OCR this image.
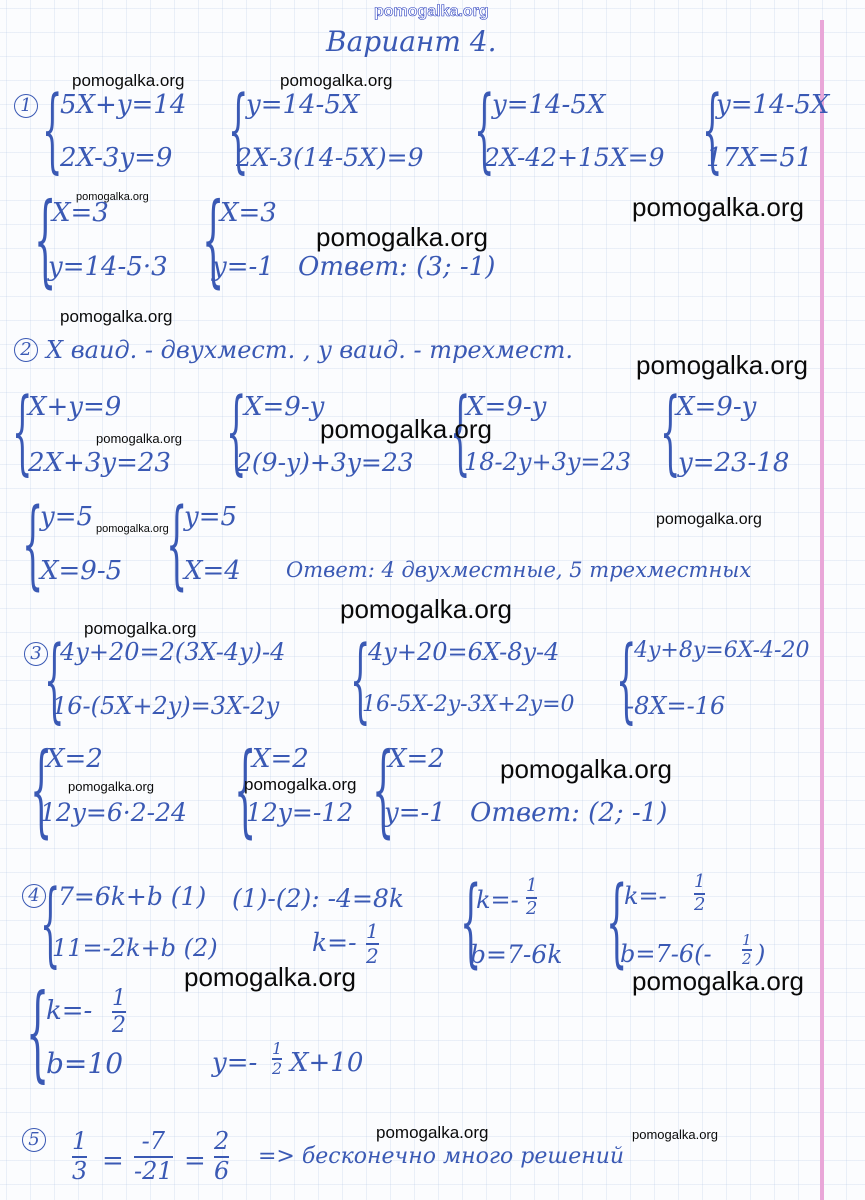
pomogalka.org
Вариант 4.
1 {
5X+y=14
2X-3y=9 {
y=14-5X
2X-3(14-5X)=9 {
y=14-5X
2X-42+15X=9 {
y=14-5X
17X=51
{
X=3
y=14-5·3 {
X=3
y=-1 Ответ: (3; -1)
2 X ваид. - двухмест. , y ваид. - трехмест.
{
X+y=9
2X+3y=23 {
X=9-y
2(9-y)+3y=23 {
X=9-y
18-2y+3y=23 {
X=9-y
y=23-18
{
y=5
X=9-5 {
y=5
X=4 Ответ: 4 двухместные, 5 трехместных
3 {
4y+20=2(3X-4y)-4
16-(5X+2y)=3X-2y {
4y+20=6X-8y-4
16-5X-2y-3X+2y=0 {
4y+8y=6X-4-20
-8X=-16
{
X=2
12y=6·2-24 {
X=2
12y=-12 {
X=2
y=-1 Ответ: (2; -1)
4 {
7=6k+b (1)
11=-2k+b (2)
(1)-(2): -4=8k
k=- 1
2 {
k=-
1
2
b=7-6k {
k=-
1
2
b=7-6(- 1
2 )
{
k=- 1
2
b=10	y=- 1
2 X+10
5 1
3 =
-7
-21 =
2
6
=> бесконечно много решений
pomogalka.org	pomogalka.org
pomogalka.org	pomogalka.org
pomogalka.org
pomogalka.org
pomogalka.org
pomogalka.org
pomogalka.org
pomogalka.org
pomogalka.org
pomogalka.org
pomogalka.org
pomogalka.org
pomogalka.org
pomogalka.org
pomogalka.org	pomogalka.org
pomogalka.org	pomogalka.org
